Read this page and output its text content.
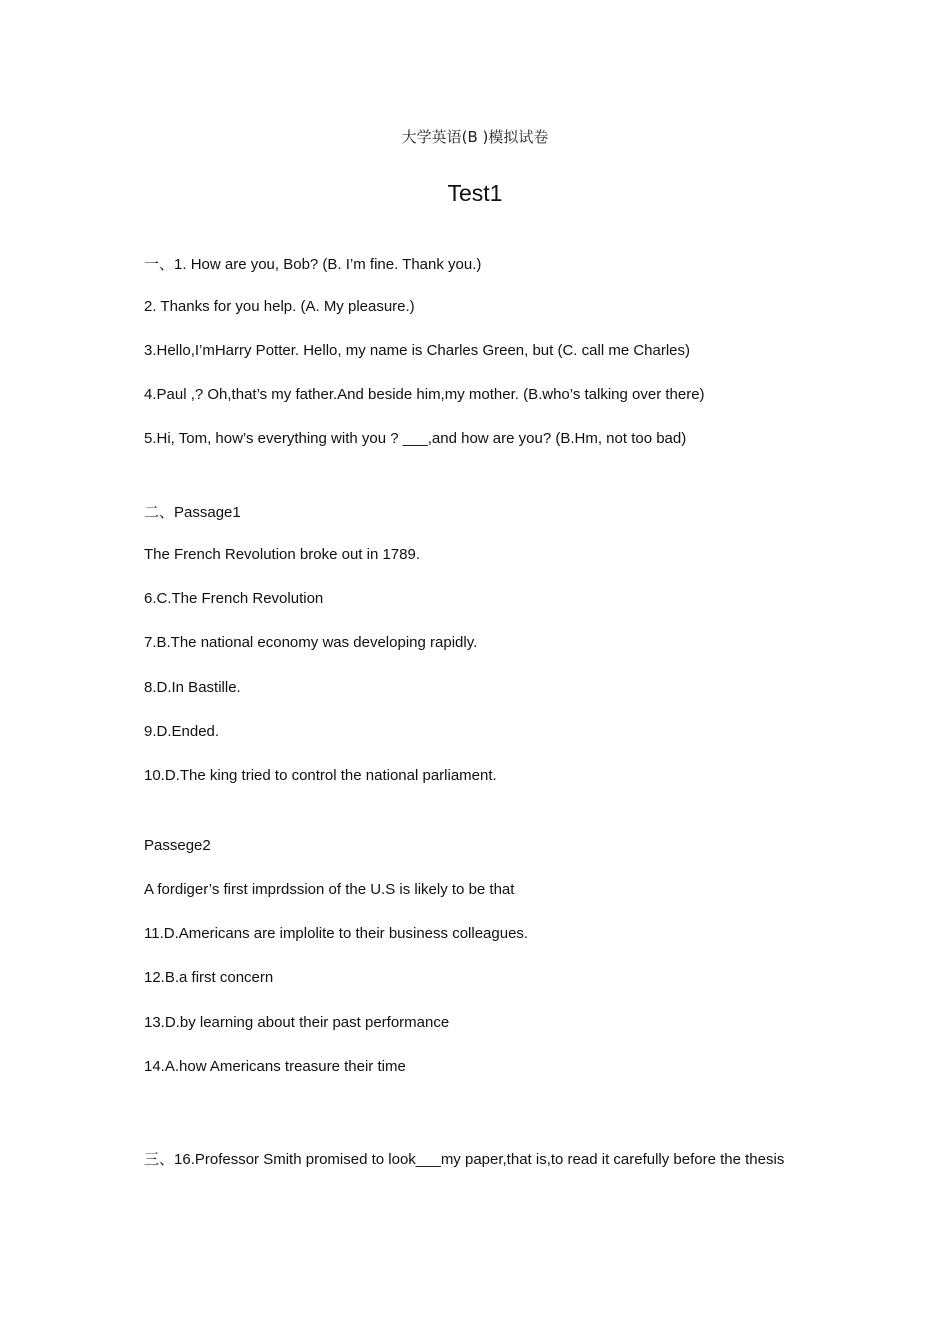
大学英语(B )模拟试卷
Test1
一、1. How are you, Bob? (B. I’m fine. Thank you.)
2. Thanks for you help. (A. My pleasure.)
3.Hello,I’mHarry Potter. Hello, my name is Charles Green, but (C. call me Charles)
4.Paul ,? Oh,that’s my father.And beside him,my mother. (B.who’s talking over there)
5.Hi, Tom, how’s everything with you ? ___,and how are you? (B.Hm, not too bad)
二、Passage1
The French Revolution broke out in 1789.
6.C.The French Revolution
7.B.The national economy was developing rapidly.
8.D.In Bastille.
9.D.Ended.
10.D.The king tried to control the national parliament.
Passege2
A fordiger’s first imprdssion of the U.S is likely to be that
11.D.Americans are implolite to their business colleagues.
12.B.a first concern
13.D.by learning about their past performance
14.A.how Americans treasure their time
三、16.Professor Smith promised to look___my paper,that is,to read it carefully before the thesis
